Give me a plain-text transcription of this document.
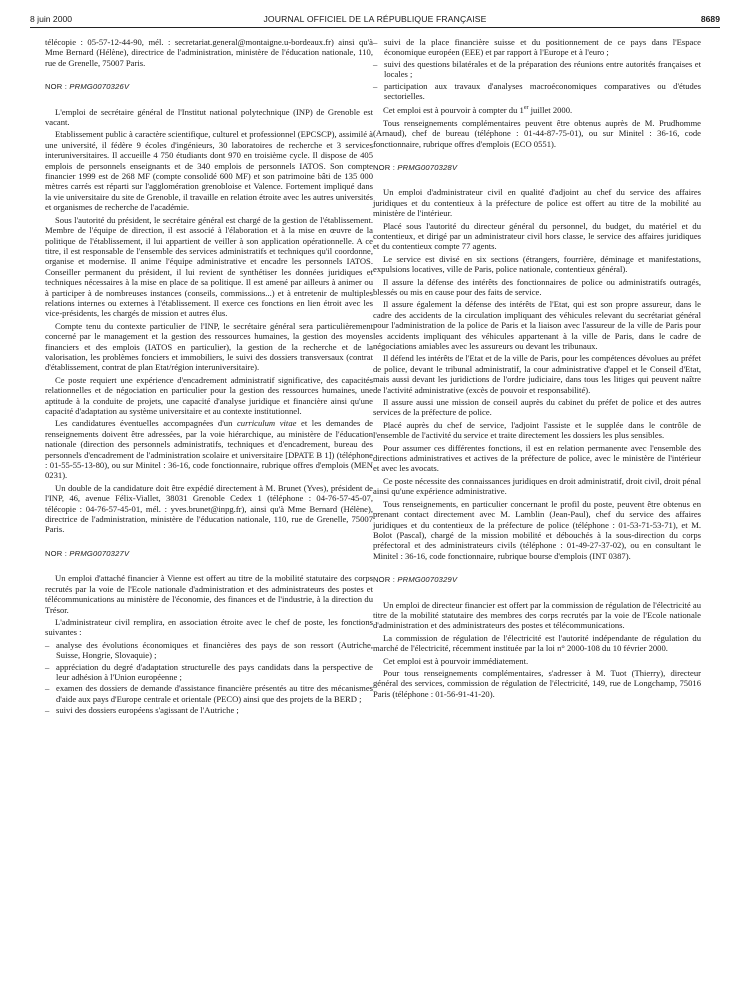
8 juin 2000	JOURNAL OFFICIEL DE LA RÉPUBLIQUE FRANÇAISE	8689

télécopie : 05-57-12-44-90, mél. : secretariat.general@montaigne.u-bordeaux.fr) ainsi qu'à Mme Bernard (Hélène), directrice de l'administration, ministère de l'éducation nationale, 110, rue de Grenelle, 75007 Paris.

NOR : PRMG0070326V

L'emploi de secrétaire général de l'Institut national polytechnique (INP) de Grenoble est vacant.

Etablissement public à caractère scientifique, culturel et professionnel (EPCSCP), assimilé à une université, il fédère 9 écoles d'ingénieurs, 30 laboratoires de recherche et 3 services interuniversitaires. Il accueille 4 750 étudiants dont 970 en troisième cycle. Il dispose de 405 emplois de personnels enseignants et de 340 emplois de personnels IATOS. Son compte financier 1999 est de 268 MF (compte consolidé 600 MF) et son patrimoine bâti de 135 000 mètres carrés est réparti sur l'agglomération grenobloise et Valence. Fortement impliqué dans la vie universitaire du site de Grenoble, il travaille en relation étroite avec les autres universités et organismes de recherche de l'académie.

Sous l'autorité du président, le secrétaire général est chargé de la gestion de l'établissement. Membre de l'équipe de direction, il est associé à l'élaboration et à la mise en œuvre de la politique de l'établissement, il lui appartient de veiller à son application opérationnelle. A ce titre, il est responsable de l'ensemble des services administratifs et techniques qu'il coordonne, organise et modernise. Il anime l'équipe administrative et encadre les personnels IATOS. Conseiller permanent du président, il lui revient de synthétiser les données juridiques et techniques nécessaires à la mise en place de sa politique. Il est amené par ailleurs à animer ou à participer à de nombreuses instances (conseils, commissions...) et à entretenir de multiples relations internes ou externes à l'établissement. Il exerce ces fonctions en lien étroit avec les vice-présidents, les chargés de mission et autres élus.

Compte tenu du contexte particulier de l'INP, le secrétaire général sera particulièrement concerné par le management et la gestion des ressources humaines, la gestion des moyens financiers et des emplois (IATOS en particulier), la gestion de la recherche et de la valorisation, les problèmes fonciers et immobiliers, le suivi des dossiers transversaux (contrat d'établissement, contrat de plan Etat/région interuniversitaire).

Ce poste requiert une expérience d'encadrement administratif significative, des capacités relationnelles et de négociation en particulier pour la gestion des ressources humaines, une aptitude à la conduite de projets, une capacité d'analyse juridique et financière ainsi qu'une capacité d'adaptation au système universitaire et au contexte institutionnel.

Les candidatures éventuelles accompagnées d'un curriculum vitae et les demandes de renseignements doivent être adressées, par la voie hiérarchique, au ministère de l'éducation nationale (direction des personnels administratifs, techniques et d'encadrement, bureau des personnels d'encadrement de l'administration scolaire et universitaire [DPATE B 1]) (téléphone : 01-55-55-13-80), ou sur Minitel : 36-16, code fonctionnaire, rubrique offres d'emplois (MEN 0231).

Un double de la candidature doit être expédié directement à M. Brunet (Yves), président de l'INP, 46, avenue Félix-Viallet, 38031 Grenoble Cedex 1 (téléphone : 04-76-57-45-07, télécopie : 04-76-57-45-01, mél. : yves.brunet@inpg.fr), ainsi qu'à Mme Bernard (Hélène), directrice de l'administration, ministère de l'éducation nationale, 110, rue de Grenelle, 75007 Paris.

NOR : PRMG0070327V

Un emploi d'attaché financier à Vienne est offert au titre de la mobilité statutaire des corps recrutés par la voie de l'Ecole nationale d'administration et des administrateurs des postes et télécommunications au ministère de l'économie, des finances et de l'industrie, à la direction du Trésor.

L'administrateur civil remplira, en association étroite avec le chef de poste, les fonctions suivantes :

– analyse des évolutions économiques et financières des pays de son ressort (Autriche, Suisse, Hongrie, Slovaquie) ;
– appréciation du degré d'adaptation structurelle des pays candidats dans la perspective de leur adhésion à l'Union européenne ;
– examen des dossiers de demande d'assistance financière présentés au titre des mécanismes d'aide aux pays d'Europe centrale et orientale (PECO) ainsi que des projets de la BERD ;
– suivi des dossiers européens s'agissant de l'Autriche ;
– suivi de la place financière suisse et du positionnement de ce pays dans l'Espace économique européen (EEE) et par rapport à l'Europe et à l'euro ;
– suivi des questions bilatérales et de la préparation des réunions entre autorités françaises et locales ;
– participation aux travaux d'analyses macroéconomiques comparatives ou d'études sectorielles.

Cet emploi est à pourvoir à compter du 1er juillet 2000.

Tous renseignements complémentaires peuvent être obtenus auprès de M. Prudhomme (Arnaud), chef de bureau (téléphone : 01-44-87-75-01), ou sur Minitel : 36-16, code fonctionnaire, rubrique offres d'emplois (ECO 0551).

NOR : PRMG0070328V

Un emploi d'administrateur civil en qualité d'adjoint au chef du service des affaires juridiques et du contentieux à la préfecture de police est offert au titre de la mobilité au ministère de l'intérieur.

Placé sous l'autorité du directeur général du personnel, du budget, du matériel et du contentieux, et dirigé par un administrateur civil hors classe, le service des affaires juridiques et du contentieux compte 77 agents.

Le service est divisé en six sections (étrangers, fourrière, déminage et manifestations, expulsions locatives, ville de Paris, police nationale, contentieux général).

Il assure la défense des intérêts des fonctionnaires de police ou administratifs outragés, blessés ou mis en cause pour des faits de service.

Il assure également la défense des intérêts de l'Etat, qui est son propre assureur, dans le cadre des accidents de la circulation impliquant des véhicules relevant du secrétariat général pour l'administration de la police de Paris et la liaison avec l'assureur de la ville de Paris pour les accidents impliquant des véhicules appartenant à la ville de Paris, dans le cadre de négociations amiables avec les assureurs ou devant les tribunaux.

Il défend les intérêts de l'Etat et de la ville de Paris, pour les compétences dévolues au préfet de police, devant le tribunal administratif, la cour administrative d'appel et le Conseil d'Etat, mais aussi devant les juridictions de l'ordre judiciaire, dans tous les litiges qui peuvent naître de l'activité administrative (excès de pouvoir et responsabilité).

Il assure aussi une mission de conseil auprès du cabinet du préfet de police et des autres services de la préfecture de police.

Placé auprès du chef de service, l'adjoint l'assiste et le supplée dans le contrôle de l'ensemble de l'activité du service et traite directement les dossiers les plus sensibles.

Pour assumer ces différentes fonctions, il est en relation permanente avec l'ensemble des directions administratives et actives de la préfecture de police, avec le ministère de l'intérieur et avec les avocats.

Ce poste nécessite des connaissances juridiques en droit administratif, droit civil, droit pénal ainsi qu'une expérience administrative.

Tous renseignements, en particulier concernant le profil du poste, peuvent être obtenus en prenant contact directement avec M. Lamblin (Jean-Paul), chef du service des affaires juridiques et du contentieux de la préfecture de police (téléphone : 01-53-71-53-71), et M. Bolot (Pascal), chargé de la mission mobilité et débouchés à la sous-direction du corps préfectoral et des administrateurs civils (téléphone : 01-49-27-37-02), ou en consultant le Minitel : 36-16, code fonctionnaire, rubrique bourse d'emplois (INT 0387).

NOR : PRMG0070329V

Un emploi de directeur financier est offert par la commission de régulation de l'électricité au titre de la mobilité statutaire des membres des corps recrutés par la voie de l'Ecole nationale d'administration et des administrateurs des postes et télécommunications.

La commission de régulation de l'électricité est l'autorité indépendante de régulation du marché de l'électricité, récemment instituée par la loi n° 2000-108 du 10 février 2000.

Cet emploi est à pourvoir immédiatement.

Pour tous renseignements complémentaires, s'adresser à M. Tuot (Thierry), directeur général des services, commission de régulation de l'électricité, 149, rue de Longchamp, 75016 Paris (téléphone : 01-56-91-41-20).
